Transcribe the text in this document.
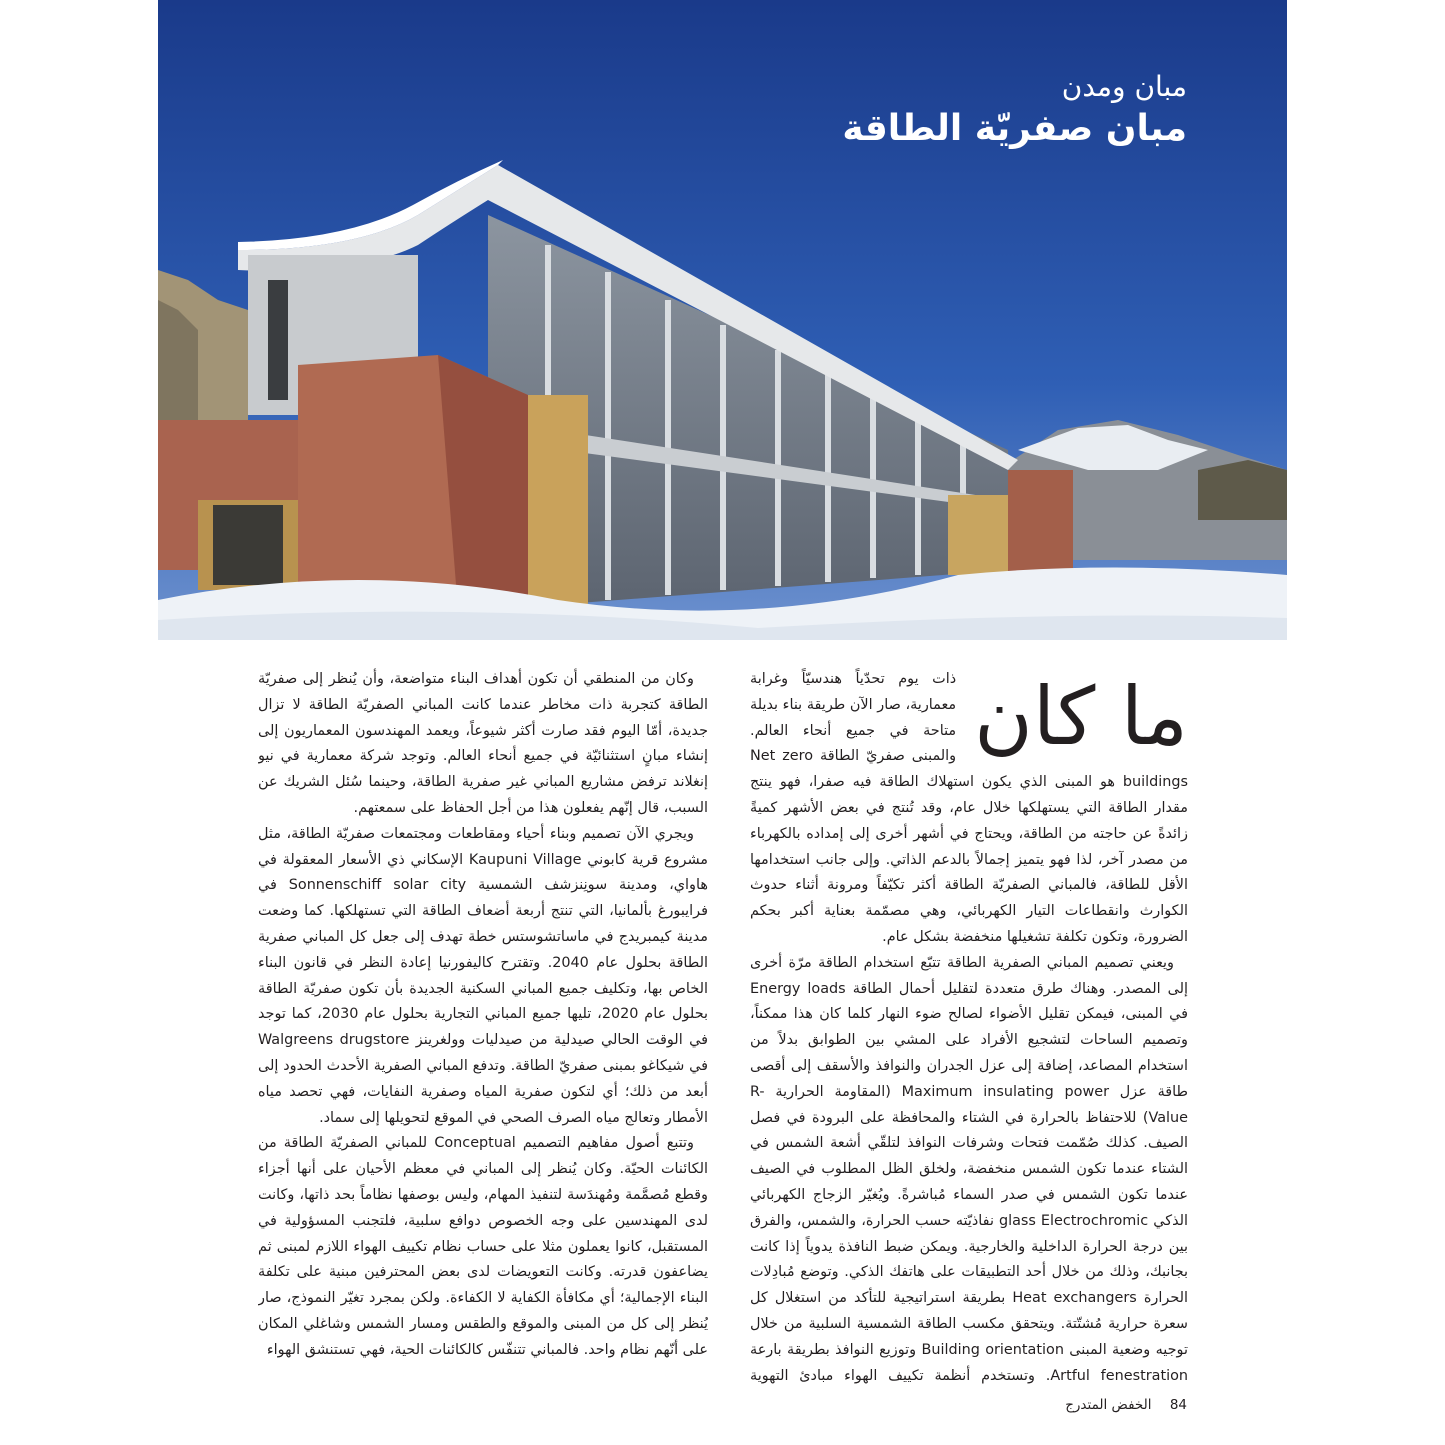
مبان ومدن
مبان صفريّة الطاقة
ما كان

ذات يوم تحدّياً هندسيّاً وغرابة معمارية، صار الآن طريقة بناء بديلة متاحة في جميع أنحاء العالم. والمبنى صفريّ الطاقة Net zero buildings هو المبنى الذي يكون استهلاك الطاقة فيه صفرا، فهو ينتج مقدار الطاقة التي يستهلكها خلال عام، وقد تُنتج في بعض الأشهر كميةً زائدةً عن حاجته من الطاقة، ويحتاج في أشهر أخرى إلى إمداده بالكهرباء من مصدر آخر، لذا فهو يتميز إجمالاً بالدعم الذاتي. وإلى جانب استخدامها الأقل للطاقة، فالمباني الصفريّة الطاقة أكثر تكيّفاً ومرونة أثناء حدوث الكوارث وانقطاعات التيار الكهربائي، وهي مصمّمة بعناية أكبر بحكم الضرورة، وتكون تكلفة تشغيلها منخفضة بشكل عام.

ويعني تصميم المباني الصفرية الطاقة تتبّع استخدام الطاقة مرّة أخرى إلى المصدر. وهناك طرق متعددة لتقليل أحمال الطاقة Energy loads في المبنى، فيمكن تقليل الأضواء لصالح ضوء النهار كلما كان هذا ممكناً، وتصميم الساحات لتشجيع الأفراد على المشي بين الطوابق بدلاً من استخدام المصاعد، إضافة إلى عزل الجدران والنوافذ والأسقف إلى أقصى طاقة عزل Maximum insulating power (المقاومة الحرارية R-Value) للاحتفاظ بالحرارة في الشتاء والمحافظة على البرودة في فصل الصيف. كذلك صُمّمت فتحات وشرفات النوافذ لتلقّي أشعة الشمس في الشتاء عندما تكون الشمس منخفضة، ولخلق الظل المطلوب في الصيف عندما تكون الشمس في صدر السماء مُباشرةً. ويُغيّر الزجاج الكهربائي الذكي glass Electrochromic نفاذيّته حسب الحرارة، والشمس، والفرق بين درجة الحرارة الداخلية والخارجية. ويمكن ضبط النافذة يدوياً إذا كانت بجانبك، وذلك من خلال أحد التطبيقات على هاتفك الذكي. وتوضع مُبادِلات الحرارة Heat exchangers بطريقة استراتيجية للتأكد من استغلال كل سعرة حرارية مُشتّتة. ويتحقق مكسب الطاقة الشمسية السلبية من خلال توجيه وضعية المبنى Building orientation وتوزيع النوافذ بطريقة بارعة Artful fenestration. وتستخدم أنظمة تكييف الهواء مبادئ التهوية

وكان من المنطقي أن تكون أهداف البناء متواضعة، وأن يُنظر إلى صفريّة الطاقة كتجربة ذات مخاطر عندما كانت المباني الصفريّة الطاقة لا تزال جديدة، أمّا اليوم فقد صارت أكثر شيوعاً، ويعمد المهندسون المعماريون إلى إنشاء مبانٍ استثنائيّة في جميع أنحاء العالم. وتوجد شركة معمارية في نيو إنغلاند ترفض مشاريع المباني غير صفرية الطاقة، وحينما سُئل الشريك عن السبب، قال إنّهم يفعلون هذا من أجل الحفاظ على سمعتهم.

ويجري الآن تصميم وبناء أحياء ومقاطعات ومجتمعات صفريّة الطاقة، مثل مشروع قرية كابوني Kaupuni Village الإسكاني ذي الأسعار المعقولة في هاواي، ومدينة سونِنزشف الشمسية Sonnenschiff solar city في فرايبورغ بألمانيا، التي تنتج أربعة أضعاف الطاقة التي تستهلكها. كما وضعت مدينة كيمبريدج في ماساتشوستس خطة تهدف إلى جعل كل المباني صفرية الطاقة بحلول عام 2040. وتقترح كاليفورنيا إعادة النظر في قانون البناء الخاص بها، وتكليف جميع المباني السكنية الجديدة بأن تكون صفريّة الطاقة بحلول عام 2020، تليها جميع المباني التجارية بحلول عام 2030، كما توجد في الوقت الحالي صيدلية من صيدليات وولغرينز Walgreens drugstore في شيكاغو بمبنى صفريّ الطاقة. وتدفع المباني الصفرية الأحدث الحدود إلى أبعد من ذلك؛ أي لتكون صفرية المياه وصفرية النفايات، فهي تحصد مياه الأمطار وتعالج مياه الصرف الصحي في الموقع لتحويلها إلى سماد.

وتتبع أصول مفاهيم التصميم Conceptual للمباني الصفريّة الطاقة من الكائنات الحيّة. وكان يُنظر إلى المباني في معظم الأحيان على أنها أجزاء وقطع مُصمَّمة ومُهندَسة لتنفيذ المهام، وليس بوصفها نظاماً بحد ذاتها، وكانت لدى المهندسين على وجه الخصوص دوافع سلبية، فلتجنب المسؤولية في المستقبل، كانوا يعملون مثلا على حساب نظام تكييف الهواء اللازم لمبنى ثم يضاعفون قدرته. وكانت التعويضات لدى بعض المحترفين مبنية على تكلفة البناء الإجمالية؛ أي مكافأة الكفاية لا الكفاءة. ولكن بمجرد تغيّر النموذج، صار يُنظر إلى كل من المبنى والموقع والطقس ومسار الشمس وشاغلي المكان على أنّهم نظام واحد. فالمباني تتنفّس كالكائنات الحية، فهي تستنشق الهواء

84 الخفض المتدرج
